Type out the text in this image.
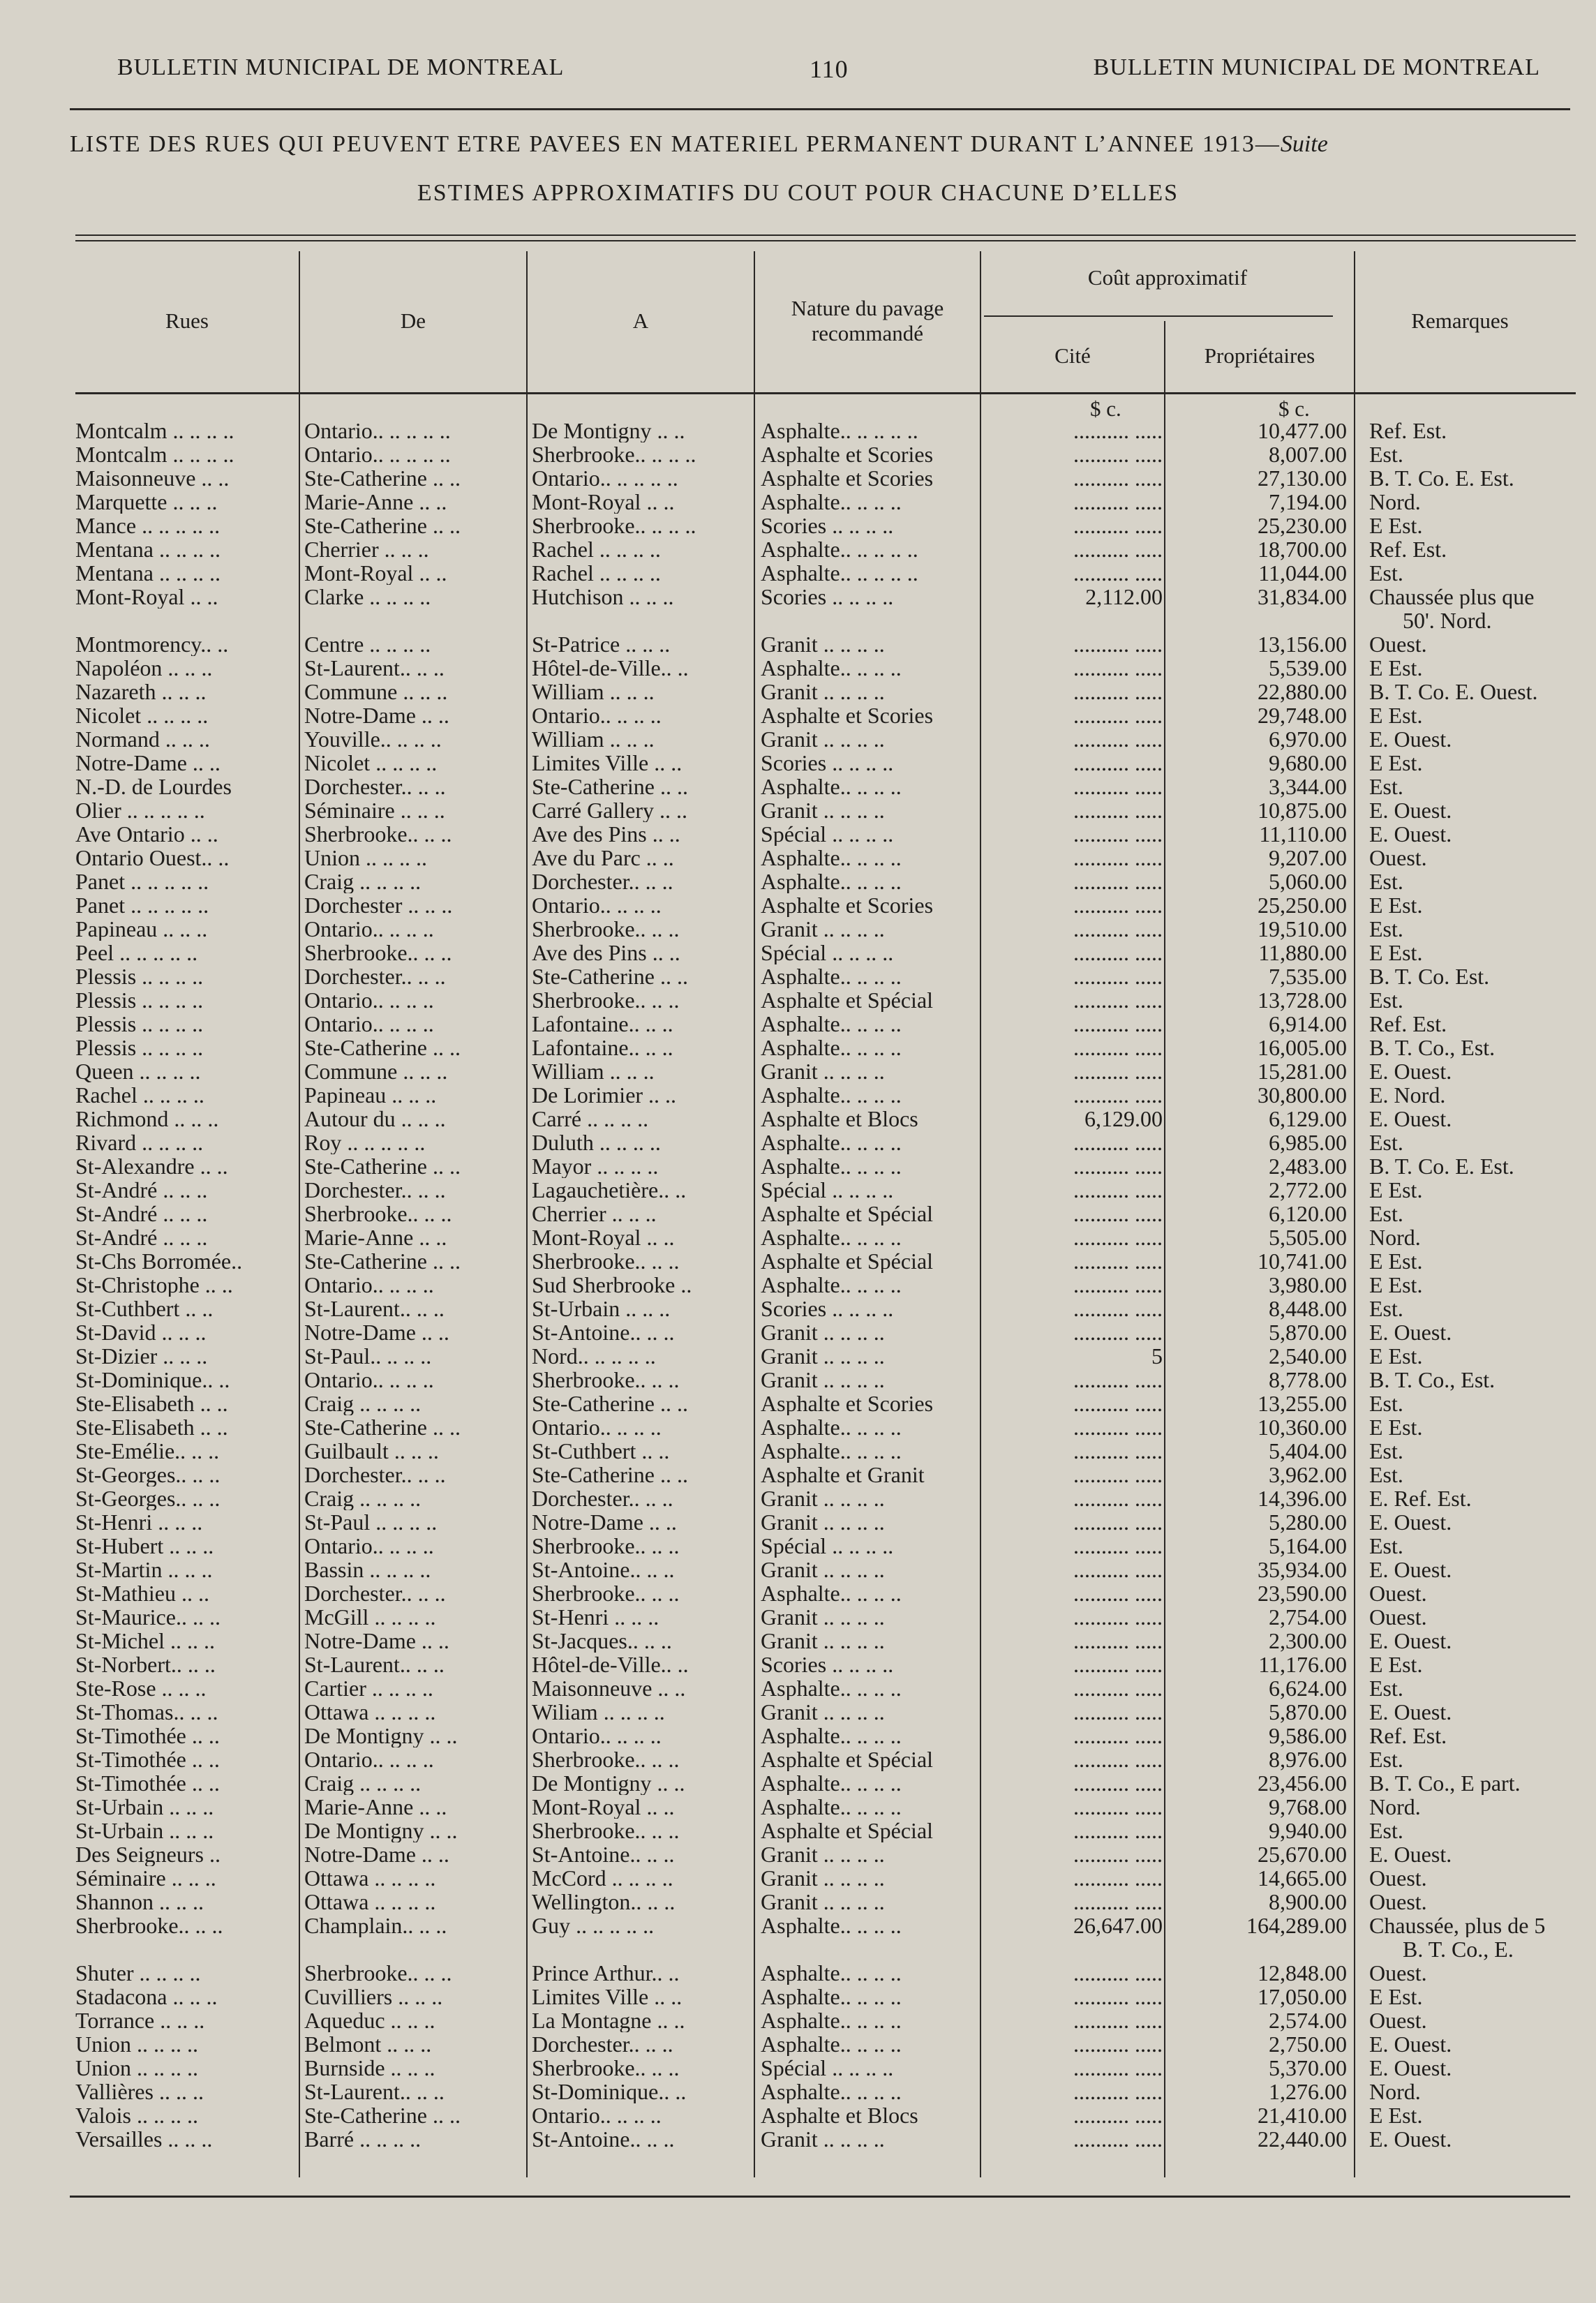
BULLETIN MUNICIPAL DE MONTREAL	110	BULLETIN MUNICIPAL DE MONTREAL
LISTE DES RUES QUI PEUVENT ETRE PAVEES EN MATERIEL PERMANENT DURANT L’ANNEE 1913—Suite
ESTIMES APPROXIMATIFS DU COUT POUR CHACUNE D’ELLES
Rues	De	A
Nature du pavage
recommandé
Coût approximatif
Cité	Propriétaires
Remarques
$ c.	$ c.
Montcalm .. .. .. ..	Ontario.. .. .. .. ..	De Montigny .. ..	Asphalte.. .. .. .. ..	.......... .....	10,477.00 Ref. Est.
Montcalm .. .. .. ..	Ontario.. .. .. .. ..	Sherbrooke.. .. .. ..	Asphalte et Scories	.......... .....	8,007.00 Est.
Maisonneuve .. ..	Ste-Catherine .. ..	Ontario.. .. .. .. ..	Asphalte et Scories	.......... .....	27,130.00 B. T. Co. E. Est.
Marquette .. .. ..	Marie-Anne .. ..	Mont-Royal .. ..	Asphalte.. .. .. ..	.......... .....	7,194.00 Nord.
Mance .. .. .. .. ..	Ste-Catherine .. ..	Sherbrooke.. .. .. ..	Scories .. .. .. ..	.......... .....	25,230.00 E Est.
Mentana .. .. .. ..	Cherrier .. .. ..	Rachel .. .. .. ..	Asphalte.. .. .. .. ..	.......... .....	18,700.00 Ref. Est.
Mentana .. .. .. ..	Mont-Royal .. ..	Rachel .. .. .. ..	Asphalte.. .. .. .. ..	.......... .....	11,044.00 Est.
Mont-Royal .. ..	Clarke .. .. .. ..	Hutchison .. .. ..	Scories .. .. .. ..	2,112.00	31,834.00 Chaussée plus que
50'. Nord.
Montmorency.. ..	Centre .. .. .. ..	St-Patrice .. .. ..	Granit .. .. .. ..	.......... .....	13,156.00 Ouest.
Napoléon .. .. ..	St-Laurent.. .. ..	Hôtel-de-Ville.. ..	Asphalte.. .. .. ..	.......... .....	5,539.00 E Est.
Nazareth .. .. ..	Commune .. .. ..	William .. .. ..	Granit .. .. .. ..	.......... .....	22,880.00 B. T. Co. E. Ouest.
Nicolet .. .. .. ..	Notre-Dame .. ..	Ontario.. .. .. ..	Asphalte et Scories	.......... .....	29,748.00 E Est.
Normand .. .. ..	Youville.. .. .. ..	William .. .. ..	Granit .. .. .. ..	.......... .....	6,970.00 E. Ouest.
Notre-Dame .. ..	Nicolet .. .. .. ..	Limites Ville .. ..	Scories .. .. .. ..	.......... .....	9,680.00 E Est.
N.-D. de Lourdes	Dorchester.. .. ..	Ste-Catherine .. ..	Asphalte.. .. .. ..	.......... .....	3,344.00 Est.
Olier .. .. .. .. ..	Séminaire .. .. ..	Carré Gallery .. ..	Granit .. .. .. ..	.......... .....	10,875.00 E. Ouest.
Ave Ontario .. ..	Sherbrooke.. .. ..	Ave des Pins .. ..	Spécial .. .. .. ..	.......... .....	11,110.00 E. Ouest.
Ontario Ouest.. ..	Union .. .. .. ..	Ave du Parc .. ..	Asphalte.. .. .. ..	.......... .....	9,207.00 Ouest.
Panet .. .. .. .. ..	Craig .. .. .. ..	Dorchester.. .. ..	Asphalte.. .. .. ..	.......... .....	5,060.00 Est.
Panet .. .. .. .. ..	Dorchester .. .. ..	Ontario.. .. .. ..	Asphalte et Scories	.......... .....	25,250.00 E Est.
Papineau .. .. ..	Ontario.. .. .. ..	Sherbrooke.. .. ..	Granit .. .. .. ..	.......... .....	19,510.00 Est.
Peel .. .. .. .. ..	Sherbrooke.. .. ..	Ave des Pins .. ..	Spécial .. .. .. ..	.......... .....	11,880.00 E Est.
Plessis .. .. .. ..	Dorchester.. .. ..	Ste-Catherine .. ..	Asphalte.. .. .. ..	.......... .....	7,535.00 B. T. Co. Est.
Plessis .. .. .. ..	Ontario.. .. .. ..	Sherbrooke.. .. ..	Asphalte et Spécial	.......... .....	13,728.00 Est.
Plessis .. .. .. ..	Ontario.. .. .. ..	Lafontaine.. .. ..	Asphalte.. .. .. ..	.......... .....	6,914.00 Ref. Est.
Plessis .. .. .. ..	Ste-Catherine .. ..	Lafontaine.. .. ..	Asphalte.. .. .. ..	.......... .....	16,005.00 B. T. Co., Est.
Queen .. .. .. ..	Commune .. .. ..	William .. .. ..	Granit .. .. .. ..	.......... .....	15,281.00 E. Ouest.
Rachel .. .. .. ..	Papineau .. .. ..	De Lorimier .. ..	Asphalte.. .. .. ..	.......... .....	30,800.00 E. Nord.
Richmond .. .. ..	Autour du .. .. ..	Carré .. .. .. ..	Asphalte et Blocs	6,129.00	6,129.00 E. Ouest.
Rivard .. .. .. ..	Roy .. .. .. .. ..	Duluth .. .. .. ..	Asphalte.. .. .. ..	.......... .....	6,985.00 Est.
St-Alexandre .. ..	Ste-Catherine .. ..	Mayor .. .. .. ..	Asphalte.. .. .. ..	.......... .....	2,483.00 B. T. Co. E. Est.
St-André .. .. ..	Dorchester.. .. ..	Lagauchetière.. ..	Spécial .. .. .. ..	.......... .....	2,772.00 E Est.
St-André .. .. ..	Sherbrooke.. .. ..	Cherrier .. .. ..	Asphalte et Spécial	.......... .....	6,120.00 Est.
St-André .. .. ..	Marie-Anne .. ..	Mont-Royal .. ..	Asphalte.. .. .. ..	.......... .....	5,505.00 Nord.
St-Chs Borromée..	Ste-Catherine .. ..	Sherbrooke.. .. ..	Asphalte et Spécial	.......... .....	10,741.00 E Est.
St-Christophe .. ..	Ontario.. .. .. ..	Sud Sherbrooke ..	Asphalte.. .. .. ..	.......... .....	3,980.00 E Est.
St-Cuthbert .. ..	St-Laurent.. .. ..	St-Urbain .. .. ..	Scories .. .. .. ..	.......... .....	8,448.00 Est.
St-David .. .. ..	Notre-Dame .. ..	St-Antoine.. .. ..	Granit .. .. .. ..	.......... .....	5,870.00 E. Ouest.
St-Dizier .. .. ..	St-Paul.. .. .. ..	Nord.. .. .. .. ..	Granit .. .. .. ..	5	2,540.00 E Est.
St-Dominique.. ..	Ontario.. .. .. ..	Sherbrooke.. .. ..	Granit .. .. .. ..	.......... .....	8,778.00 B. T. Co., Est.
Ste-Elisabeth .. ..	Craig .. .. .. ..	Ste-Catherine .. ..	Asphalte et Scories	.......... .....	13,255.00 Est.
Ste-Elisabeth .. ..	Ste-Catherine .. ..	Ontario.. .. .. ..	Asphalte.. .. .. ..	.......... .....	10,360.00 E Est.
Ste-Emélie.. .. ..	Guilbault .. .. ..	St-Cuthbert .. ..	Asphalte.. .. .. ..	.......... .....	5,404.00 Est.
St-Georges.. .. ..	Dorchester.. .. ..	Ste-Catherine .. ..	Asphalte et Granit	.......... .....	3,962.00 Est.
St-Georges.. .. ..	Craig .. .. .. ..	Dorchester.. .. ..	Granit .. .. .. ..	.......... .....	14,396.00 E. Ref. Est.
St-Henri .. .. ..	St-Paul .. .. .. ..	Notre-Dame .. ..	Granit .. .. .. ..	.......... .....	5,280.00 E. Ouest.
St-Hubert .. .. ..	Ontario.. .. .. ..	Sherbrooke.. .. ..	Spécial .. .. .. ..	.......... .....	5,164.00 Est.
St-Martin .. .. ..	Bassin .. .. .. ..	St-Antoine.. .. ..	Granit .. .. .. ..	.......... .....	35,934.00 E. Ouest.
St-Mathieu .. ..	Dorchester.. .. ..	Sherbrooke.. .. ..	Asphalte.. .. .. ..	.......... .....	23,590.00 Ouest.
St-Maurice.. .. ..	McGill .. .. .. ..	St-Henri .. .. ..	Granit .. .. .. ..	.......... .....	2,754.00 Ouest.
St-Michel .. .. ..	Notre-Dame .. ..	St-Jacques.. .. ..	Granit .. .. .. ..	.......... .....	2,300.00 E. Ouest.
St-Norbert.. .. ..	St-Laurent.. .. ..	Hôtel-de-Ville.. ..	Scories .. .. .. ..	.......... .....	11,176.00 E Est.
Ste-Rose .. .. ..	Cartier .. .. .. ..	Maisonneuve .. ..	Asphalte.. .. .. ..	.......... .....	6,624.00 Est.
St-Thomas.. .. ..	Ottawa .. .. .. ..	Wiliam .. .. .. ..	Granit .. .. .. ..	.......... .....	5,870.00 E. Ouest.
St-Timothée .. ..	De Montigny .. ..	Ontario.. .. .. ..	Asphalte.. .. .. ..	.......... .....	9,586.00 Ref. Est.
St-Timothée .. ..	Ontario.. .. .. ..	Sherbrooke.. .. ..	Asphalte et Spécial	.......... .....	8,976.00 Est.
St-Timothée .. ..	Craig .. .. .. ..	De Montigny .. ..	Asphalte.. .. .. ..	.......... .....	23,456.00 B. T. Co., E part.
St-Urbain .. .. ..	Marie-Anne .. ..	Mont-Royal .. ..	Asphalte.. .. .. ..	.......... .....	9,768.00 Nord.
St-Urbain .. .. ..	De Montigny .. ..	Sherbrooke.. .. ..	Asphalte et Spécial	.......... .....	9,940.00 Est.
Des Seigneurs ..	Notre-Dame .. ..	St-Antoine.. .. ..	Granit .. .. .. ..	.......... .....	25,670.00 E. Ouest.
Séminaire .. .. ..	Ottawa .. .. .. ..	McCord .. .. .. ..	Granit .. .. .. ..	.......... .....	14,665.00 Ouest.
Shannon .. .. ..	Ottawa .. .. .. ..	Wellington.. .. ..	Granit .. .. .. ..	.......... .....	8,900.00 Ouest.
Sherbrooke.. .. ..	Champlain.. .. ..	Guy .. .. .. .. ..	Asphalte.. .. .. ..	26,647.00	164,289.00 Chaussée, plus de 5
B. T. Co., E.
Shuter .. .. .. ..	Sherbrooke.. .. ..	Prince Arthur.. ..	Asphalte.. .. .. ..	.......... .....	12,848.00 Ouest.
Stadacona .. .. ..	Cuvilliers .. .. ..	Limites Ville .. ..	Asphalte.. .. .. ..	.......... .....	17,050.00 E Est.
Torrance .. .. ..	Aqueduc .. .. ..	La Montagne .. ..	Asphalte.. .. .. ..	.......... .....	2,574.00 Ouest.
Union .. .. .. ..	Belmont .. .. ..	Dorchester.. .. ..	Asphalte.. .. .. ..	.......... .....	2,750.00 E. Ouest.
Union .. .. .. ..	Burnside .. .. ..	Sherbrooke.. .. ..	Spécial .. .. .. ..	.......... .....	5,370.00 E. Ouest.
Vallières .. .. ..	St-Laurent.. .. ..	St-Dominique.. ..	Asphalte.. .. .. ..	.......... .....	1,276.00 Nord.
Valois .. .. .. ..	Ste-Catherine .. ..	Ontario.. .. .. ..	Asphalte et Blocs	.......... .....	21,410.00 E Est.
Versailles .. .. ..	Barré .. .. .. ..	St-Antoine.. .. ..	Granit .. .. .. ..	.......... .....	22,440.00 E. Ouest.
